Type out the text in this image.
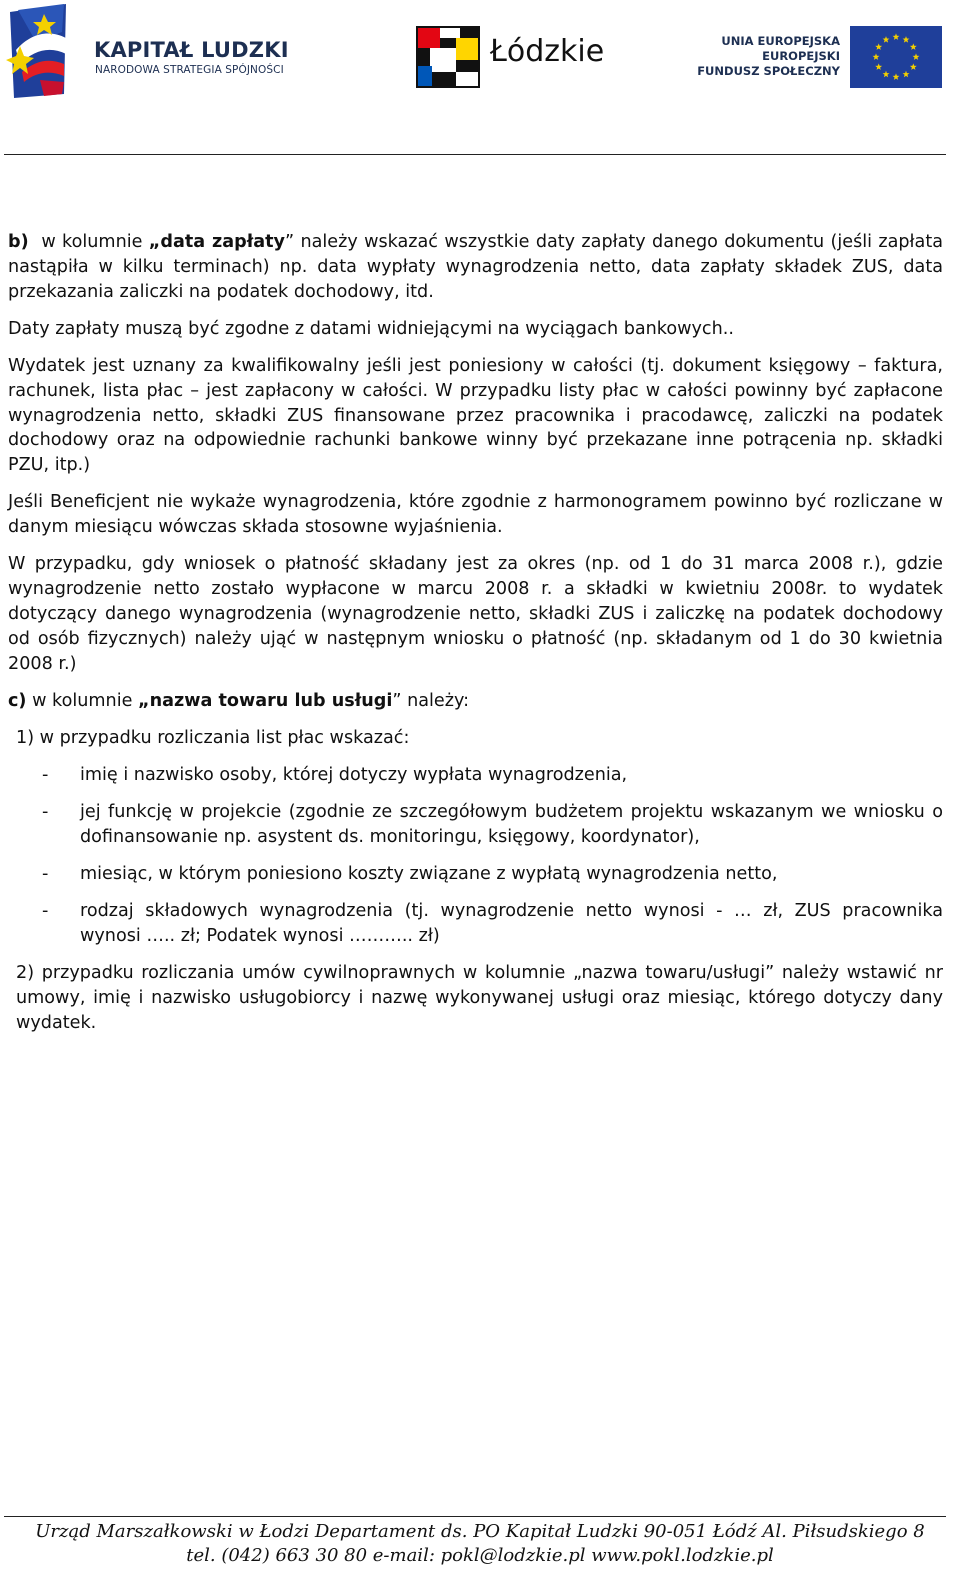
KAPITAŁ LUDZKI
NARODOWA STRATEGIA SPÓJNOŚCI
Łódzkie	UNIA EUROPEJSKA
EUROPEJSKI
FUNDUSZ SPOŁECZNY

b) w kolumnie „data zapłaty” należy wskazać wszystkie daty zapłaty danego dokumentu (jeśli zapłata nastąpiła w kilku terminach) np. data wypłaty wynagrodzenia netto, data zapłaty składek ZUS, data przekazania zaliczki na podatek dochodowy, itd.

Daty zapłaty muszą być zgodne z datami widniejącymi na wyciągach bankowych..

Wydatek jest uznany za kwalifikowalny jeśli jest poniesiony w całości (tj. dokument księgowy – faktura, rachunek, lista płac – jest zapłacony w całości. W przypadku listy płac w całości powinny być zapłacone wynagrodzenia netto, składki ZUS finansowane przez pracownika i pracodawcę, zaliczki na podatek dochodowy oraz na odpowiednie rachunki bankowe winny być przekazane inne potrącenia np. składki PZU, itp.)

Jeśli Beneficjent nie wykaże wynagrodzenia, które zgodnie z harmonogramem powinno być rozliczane w danym miesiącu wówczas składa stosowne wyjaśnienia.

W przypadku, gdy wniosek o płatność składany jest za okres (np. od 1 do 31 marca 2008 r.), gdzie wynagrodzenie netto zostało wypłacone w marcu 2008 r. a składki w kwietniu 2008r. to wydatek dotyczący danego wynagrodzenia (wynagrodzenie netto, składki ZUS i zaliczkę na podatek dochodowy od osób fizycznych) należy ująć w następnym wniosku o płatność (np. składanym od 1 do 30 kwietnia 2008 r.)

c) w kolumnie „nazwa towaru lub usługi” należy:

1) w przypadku rozliczania list płac wskazać:

- imię i nazwisko osoby, której dotyczy wypłata wynagrodzenia,
- jej funkcję w projekcie (zgodnie ze szczegółowym budżetem projektu wskazanym we wniosku o dofinansowanie np. asystent ds. monitoringu, księgowy, koordynator),
- miesiąc, w którym poniesiono koszty związane z wypłatą wynagrodzenia netto,
- rodzaj składowych wynagrodzenia (tj. wynagrodzenie netto wynosi - … zł, ZUS pracownika wynosi ….. zł; Podatek wynosi ……….. zł)

2) przypadku rozliczania umów cywilnoprawnych w kolumnie „nazwa towaru/usługi” należy wstawić nr umowy, imię i nazwisko usługobiorcy i nazwę wykonywanej usługi oraz miesiąc, którego dotyczy dany wydatek.

Urząd Marszałkowski w Łodzi Departament ds. PO Kapitał Ludzki 90-051 Łódź Al. Piłsudskiego 8
tel. (042) 663 30 80 e-mail: pokl@lodzkie.pl www.pokl.lodzkie.pl
